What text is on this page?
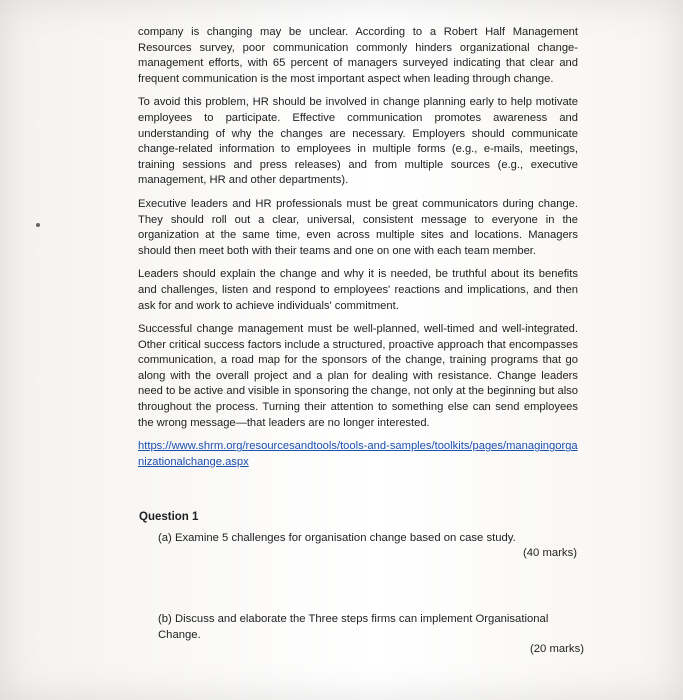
company is changing may be unclear. According to a Robert Half Management Resources survey, poor communication commonly hinders organizational change-management efforts, with 65 percent of managers surveyed indicating that clear and frequent communication is the most important aspect when leading through change.

To avoid this problem, HR should be involved in change planning early to help motivate employees to participate. Effective communication promotes awareness and understanding of why the changes are necessary. Employers should communicate change-related information to employees in multiple forms (e.g., e-mails, meetings, training sessions and press releases) and from multiple sources (e.g., executive management, HR and other departments).

Executive leaders and HR professionals must be great communicators during change. They should roll out a clear, universal, consistent message to everyone in the organization at the same time, even across multiple sites and locations. Managers should then meet both with their teams and one on one with each team member.

Leaders should explain the change and why it is needed, be truthful about its benefits and challenges, listen and respond to employees' reactions and implications, and then ask for and work to achieve individuals' commitment.

Successful change management must be well-planned, well-timed and well-integrated. Other critical success factors include a structured, proactive approach that encompasses communication, a road map for the sponsors of the change, training programs that go along with the overall project and a plan for dealing with resistance. Change leaders need to be active and visible in sponsoring the change, not only at the beginning but also throughout the process. Turning their attention to something else can send employees the wrong message—that leaders are no longer interested.

https://www.shrm.org/resourcesandtools/tools-and-samples/toolkits/pages/managingorganizationalchange.aspx
Question 1
(a) Examine 5 challenges for organisation change based on case study.
(40 marks)
(b) Discuss and elaborate the Three steps firms can implement Organisational Change.
(20 marks)
